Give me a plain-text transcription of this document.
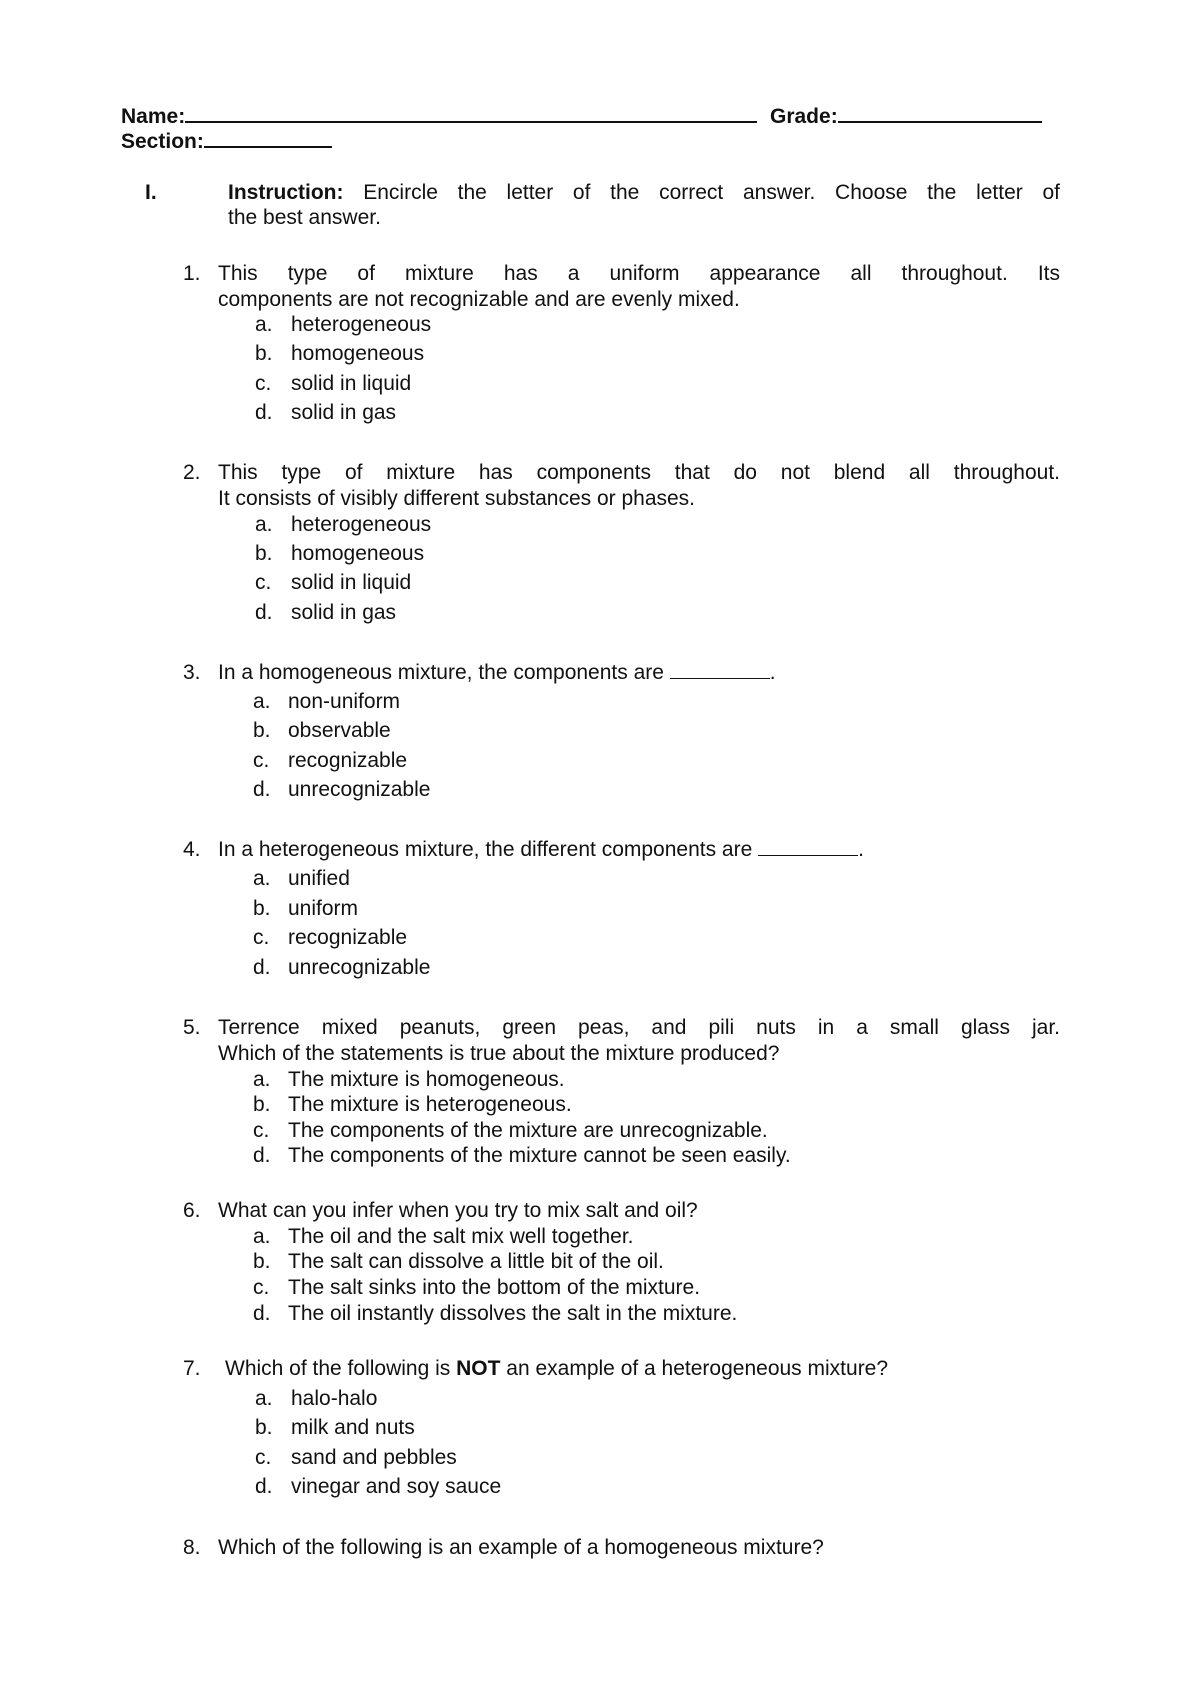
Name:	Grade:
Section:
I.	Instruction: Encircle the letter of the correct answer. Choose the letter of
the best answer.
1. This type of mixture has a uniform appearance all throughout. Its
components are not recognizable and are evenly mixed.
a. heterogeneous
b. homogeneous
c. solid in liquid
d. solid in gas
2. This type of mixture has components that do not blend all throughout.
It consists of visibly different substances or phases.
a. heterogeneous
b. homogeneous
c. solid in liquid
d. solid in gas
3. In a homogeneous mixture, the components are	.
a. non-uniform
b. observable
c. recognizable
d. unrecognizable
4. In a heterogeneous mixture, the different components are	.
a. unified
b. uniform
c. recognizable
d. unrecognizable
5. Terrence mixed peanuts, green peas, and pili nuts in a small glass jar.
Which of the statements is true about the mixture produced?
a. The mixture is homogeneous.
b. The mixture is heterogeneous.
c. The components of the mixture are unrecognizable.
d. The components of the mixture cannot be seen easily.
6. What can you infer when you try to mix salt and oil?
a. The oil and the salt mix well together.
b. The salt can dissolve a little bit of the oil.
c. The salt sinks into the bottom of the mixture.
d. The oil instantly dissolves the salt in the mixture.
7. Which of the following is NOT an example of a heterogeneous mixture?
a. halo-halo
b. milk and nuts
c. sand and pebbles
d. vinegar and soy sauce
8. Which of the following is an example of a homogeneous mixture?
